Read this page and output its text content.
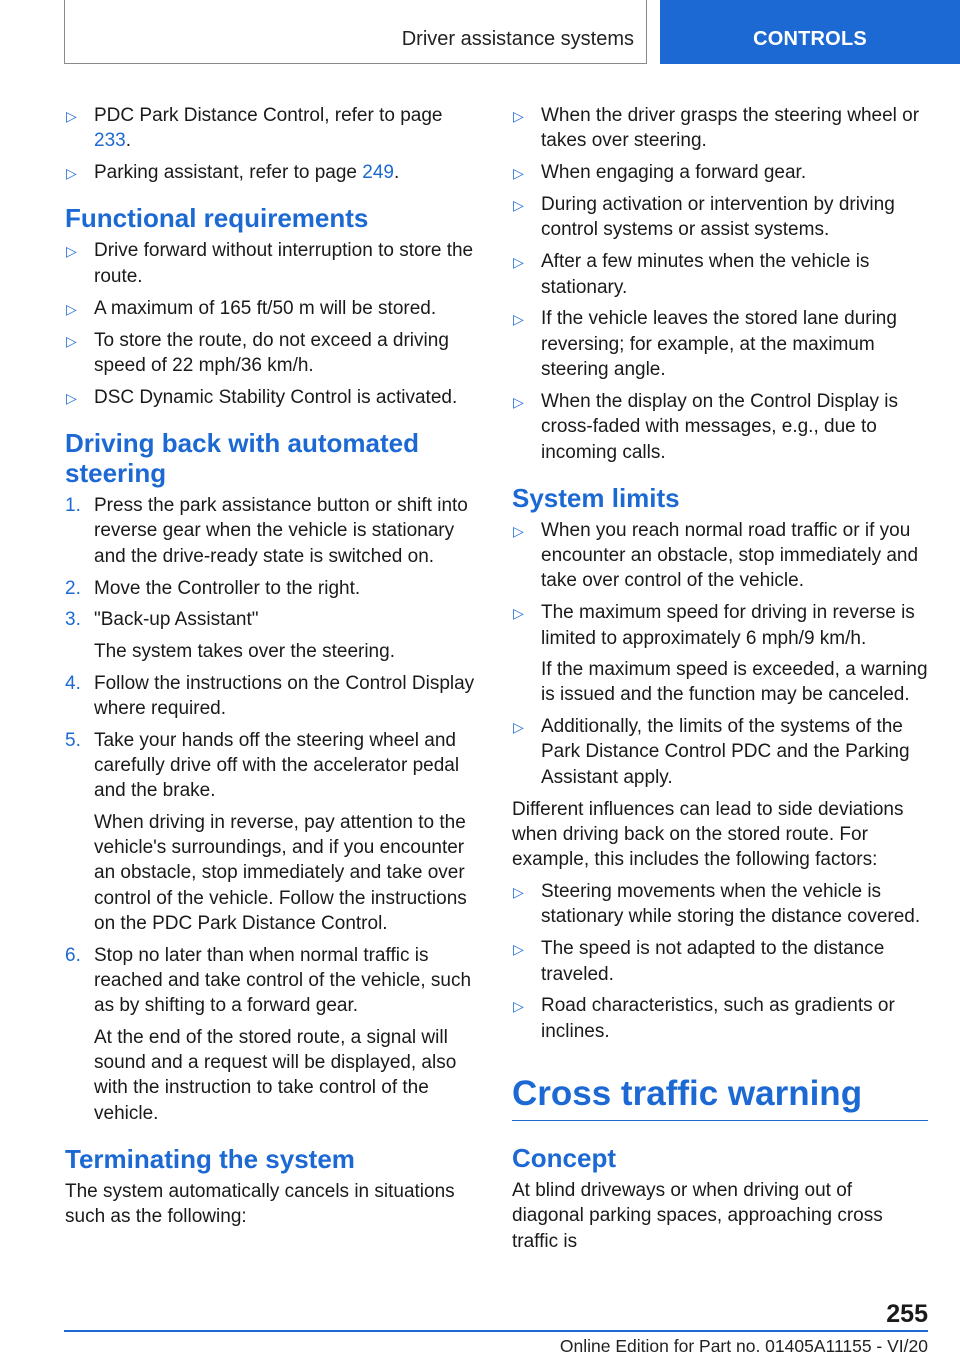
Driver assistance systems	CONTROLS
▷ PDC Park Distance Control, refer to page 233.
▷ Parking assistant, refer to page 249.
Functional requirements
▷ Drive forward without interruption to store the route.
▷ A maximum of 165 ft/50 m will be stored.
▷ To store the route, do not exceed a driving speed of 22 mph/36 km/h.
▷ DSC Dynamic Stability Control is activated.
Driving back with automated steering
1. Press the park assistance button or shift into reverse gear when the vehicle is stationary and the drive-ready state is switched on.
2. Move the Controller to the right.
3. "Back-up Assistant"

The system takes over the steering.

4. Follow the instructions on the Control Display where required.
5. Take your hands off the steering wheel and carefully drive off with the accelerator pedal and the brake.

When driving in reverse, pay attention to the vehicle's surroundings, and if you encounter an obstacle, stop immediately and take over control of the vehicle. Follow the instructions on the PDC Park Distance Control.

6. Stop no later than when normal traffic is reached and take control of the vehicle, such as by shifting to a forward gear.

At the end of the stored route, a signal will sound and a request will be displayed, also with the instruction to take control of the vehicle.

Terminating the system

The system automatically cancels in situations such as the following:

▷ When the driver grasps the steering wheel or takes over steering.
▷ When engaging a forward gear.
▷ During activation or intervention by driving control systems or assist systems.
▷ After a few minutes when the vehicle is stationary.
▷ If the vehicle leaves the stored lane during reversing; for example, at the maximum steering angle.
▷ When the display on the Control Display is cross-faded with messages, e.g., due to incoming calls.
System limits
▷ When you reach normal road traffic or if you encounter an obstacle, stop immediately and take over control of the vehicle.
▷ The maximum speed for driving in reverse is limited to approximately 6 mph/9 km/h.

If the maximum speed is exceeded, a warning is issued and the function may be canceled.

▷ Additionally, the limits of the systems of the Park Distance Control PDC and the Parking Assistant apply.

Different influences can lead to side deviations when driving back on the stored route. For example, this includes the following factors:

▷ Steering movements when the vehicle is stationary while storing the distance covered.
▷ The speed is not adapted to the distance traveled.
▷ Road characteristics, such as gradients or inclines.
Cross traffic warning
Concept

At blind driveways or when driving out of diagonal parking spaces, approaching cross traffic is

255
Online Edition for Part no. 01405A11155 - VI/20
